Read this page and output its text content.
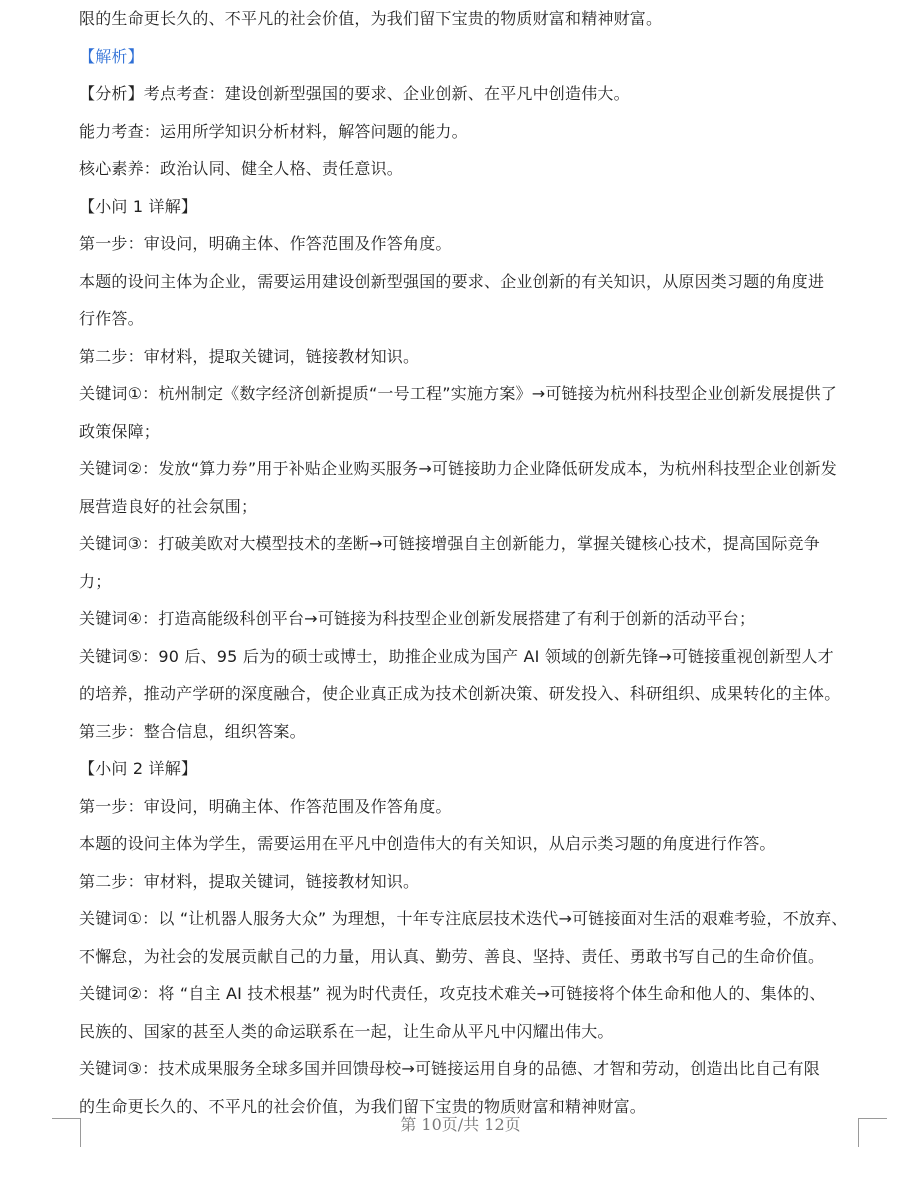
限的生命更长久的、不平凡的社会价值，为我们留下宝贵的物质财富和精神财富。
【解析】
【分析】考点考查：建设创新型强国的要求、企业创新、在平凡中创造伟大。
能力考查：运用所学知识分析材料，解答问题的能力。
核心素养：政治认同、健全人格、责任意识。
【小问 1 详解】
第一步：审设问，明确主体、作答范围及作答角度。
本题的设问主体为企业，需要运用建设创新型强国的要求、企业创新的有关知识，从原因类习题的角度进
行作答。
第二步：审材料，提取关键词，链接教材知识。
关键词①：杭州制定《数字经济创新提质“一号工程”实施方案》→可链接为杭州科技型企业创新发展提供了
政策保障；
关键词②：发放“算力券”用于补贴企业购买服务→可链接助力企业降低研发成本，为杭州科技型企业创新发
展营造良好的社会氛围；
关键词③：打破美欧对大模型技术的垄断→可链接增强自主创新能力，掌握关键核心技术，提高国际竞争
力；
关键词④：打造高能级科创平台→可链接为科技型企业创新发展搭建了有利于创新的活动平台；
关键词⑤：90 后、95 后为的硕士或博士，助推企业成为国产 AI 领域的创新先锋→可链接重视创新型人才
的培养，推动产学研的深度融合，使企业真正成为技术创新决策、研发投入、科研组织、成果转化的主体。
第三步：整合信息，组织答案。
【小问 2 详解】
第一步：审设问，明确主体、作答范围及作答角度。
本题的设问主体为学生，需要运用在平凡中创造伟大的有关知识，从启示类习题的角度进行作答。
第二步：审材料，提取关键词，链接教材知识。
关键词①：以 “让机器人服务大众” 为理想，十年专注底层技术迭代→可链接面对生活的艰难考验，不放弃、
不懈怠，为社会的发展贡献自己的力量，用认真、勤劳、善良、坚持、责任、勇敢书写自己的生命价值。
关键词②：将 “自主 AI 技术根基” 视为时代责任，攻克技术难关→可链接将个体生命和他人的、集体的、
民族的、国家的甚至人类的命运联系在一起，让生命从平凡中闪耀出伟大。
关键词③：技术成果服务全球多国并回馈母校→可链接运用自身的品德、才智和劳动，创造出比自己有限
的生命更长久的、不平凡的社会价值，为我们留下宝贵的物质财富和精神财富。
第 10页/共 12页
